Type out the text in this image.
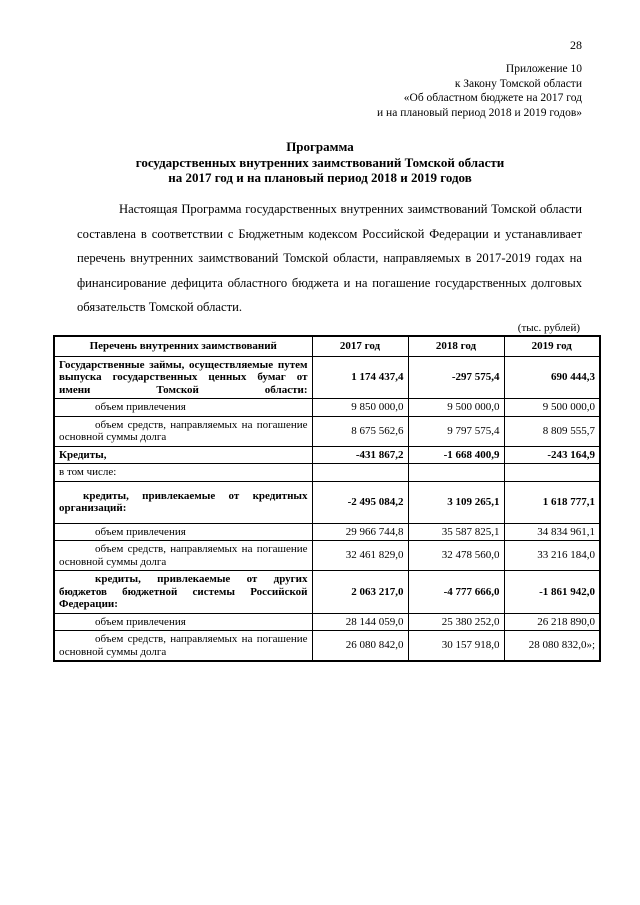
28
Приложение 10
к Закону Томской области
«Об областном бюджете на 2017 год
и на плановый период 2018 и 2019 годов»
Программа
государственных внутренних заимствований Томской области
на 2017 год и на плановый период 2018 и 2019 годов
Настоящая Программа государственных внутренних заимствований Томской области составлена в соответствии с Бюджетным кодексом Российской Федерации и устанавливает перечень внутренних заимствований Томской области, направляемых в 2017-2019 годах на финансирование дефицита областного бюджета и на погашение государственных долговых обязательств Томской области.
(тыс. рублей)
Перечень внутренних заимствований	2017 год	2018 год	2019 год
Государственные займы, осуществляемые путем выпуска государственных ценных бумаг от имени Томской области:	1 174 437,4	-297 575,4	690 444,3
объем привлечения	9 850 000,0	9 500 000,0	9 500 000,0
объем средств, направляемых на погашение основной суммы долга	8 675 562,6	9 797 575,4	8 809 555,7
Кредиты,	-431 867,2	-1 668 400,9	-243 164,9
в том числе:			
кредиты, привлекаемые от кредитных организаций:	-2 495 084,2	3 109 265,1	1 618 777,1
объем привлечения	29 966 744,8	35 587 825,1	34 834 961,1
объем средств, направляемых на погашение основной суммы долга	32 461 829,0	32 478 560,0	33 216 184,0
кредиты, привлекаемые от других бюджетов бюджетной системы Российской Федерации:	2 063 217,0	-4 777 666,0	-1 861 942,0
объем привлечения	28 144 059,0	25 380 252,0	26 218 890,0
объем средств, направляемых на погашение основной суммы долга	26 080 842,0	30 157 918,0	28 080 832,0»;
